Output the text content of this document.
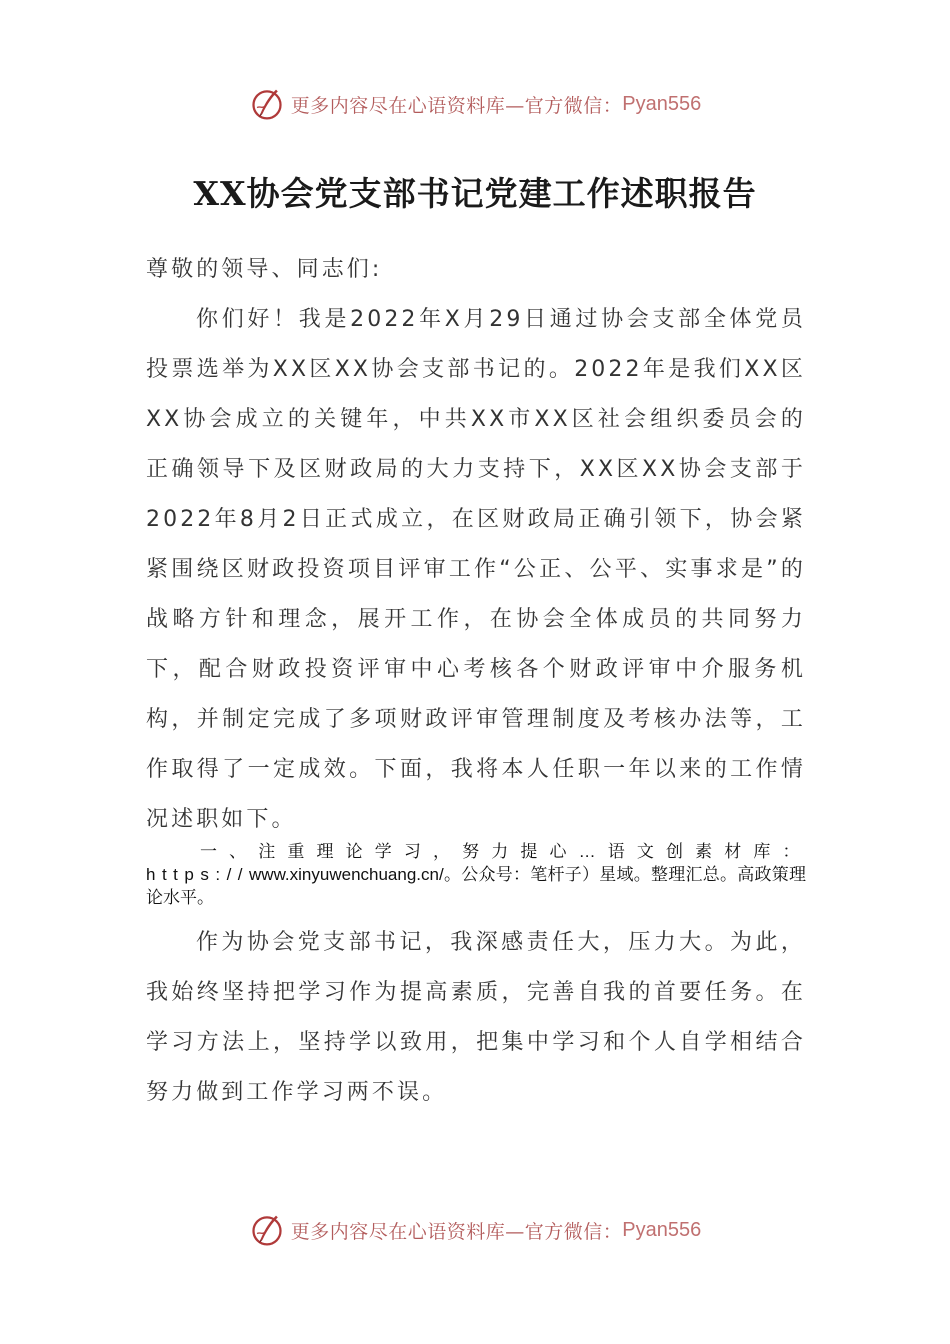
更多内容尽在心语资料库—官方微信： Pyan556
XX协会党支部书记党建工作述职报告

尊敬的领导、同志们:

你们好！我是2022年X月29日通过协会支部全体党员投票选举为XX区XX协会支部书记的。2022年是我们XX区XX协会成立的关键年，中共XX市XX区社会组织委员会的正确领导下及区财政局的大力支持下，XX区XX协会支部于2022年8月2日正式成立，在区财政局正确引领下，协会紧紧围绕区财政投资项目评审工作“公正、公平、实事求是”的战略方针和理念，展开工作，在协会全体成员的共同努力下，配合财政投资评审中心考核各个财政评审中介服务机构，并制定完成了多项财政评审管理制度及考核办法等，工作取得了一定成效。下面，我将本人任职一年以来的工作情况述职如下。

一、注重理论学习，努力提心…语文创素材库：https://www.xinyuwenchuang.cn/。公众号：笔杆子）星域。整理汇总。高政策理论水平。

作为协会党支部书记，我深感责任大，压力大。为此，我始终坚持把学习作为提高素质，完善自我的首要任务。在学习方法上，坚持学以致用，把集中学习和个人自学相结合努力做到工作学习两不误。

更多内容尽在心语资料库—官方微信： Pyan556
